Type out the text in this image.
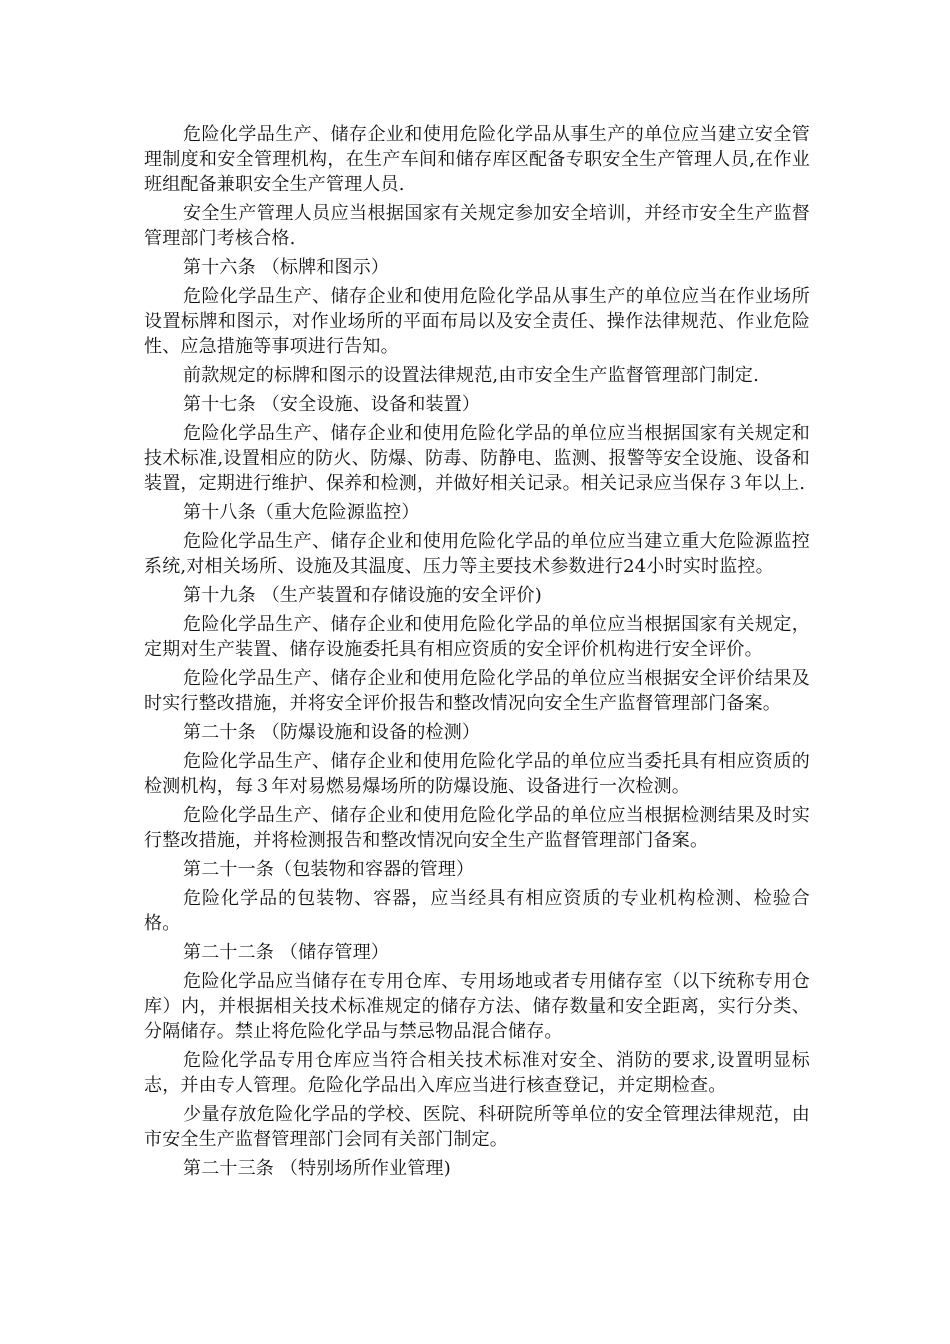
危险化学品生产、储存企业和使用危险化学品从事生产的单位应当建立安全管理制度和安全管理机构，在生产车间和储存库区配备专职安全生产管理人员,在作业班组配备兼职安全生产管理人员.

安全生产管理人员应当根据国家有关规定参加安全培训，并经市安全生产监督管理部门考核合格.

第十六条 （标牌和图示）

危险化学品生产、储存企业和使用危险化学品从事生产的单位应当在作业场所设置标牌和图示，对作业场所的平面布局以及安全责任、操作法律规范、作业危险性、应急措施等事项进行告知。

前款规定的标牌和图示的设置法律规范,由市安全生产监督管理部门制定.

第十七条 （安全设施、设备和装置）

危险化学品生产、储存企业和使用危险化学品的单位应当根据国家有关规定和技术标准,设置相应的防火、防爆、防毒、防静电、监测、报警等安全设施、设备和装置，定期进行维护、保养和检测，并做好相关记录。相关记录应当保存３年以上.

第十八条（重大危险源监控）

危险化学品生产、储存企业和使用危险化学品的单位应当建立重大危险源监控系统,对相关场所、设施及其温度、压力等主要技术参数进行24小时实时监控。

第十九条 （生产装置和存储设施的安全评价)

危险化学品生产、储存企业和使用危险化学品的单位应当根据国家有关规定，定期对生产装置、储存设施委托具有相应资质的安全评价机构进行安全评价。

危险化学品生产、储存企业和使用危险化学品的单位应当根据安全评价结果及时实行整改措施，并将安全评价报告和整改情况向安全生产监督管理部门备案。

第二十条 （防爆设施和设备的检测）

危险化学品生产、储存企业和使用危险化学品的单位应当委托具有相应资质的检测机构，每３年对易燃易爆场所的防爆设施、设备进行一次检测。

危险化学品生产、储存企业和使用危险化学品的单位应当根据检测结果及时实行整改措施，并将检测报告和整改情况向安全生产监督管理部门备案。

第二十一条（包装物和容器的管理）

危险化学品的包装物、容器，应当经具有相应资质的专业机构检测、检验合格。

第二十二条 （储存管理）

危险化学品应当储存在专用仓库、专用场地或者专用储存室（以下统称专用仓库）内，并根据相关技术标准规定的储存方法、储存数量和安全距离，实行分类、分隔储存。禁止将危险化学品与禁忌物品混合储存。

危险化学品专用仓库应当符合相关技术标准对安全、消防的要求,设置明显标志，并由专人管理。危险化学品出入库应当进行核查登记，并定期检查。

少量存放危险化学品的学校、医院、科研院所等单位的安全管理法律规范，由市安全生产监督管理部门会同有关部门制定。

第二十三条 （特别场所作业管理)
